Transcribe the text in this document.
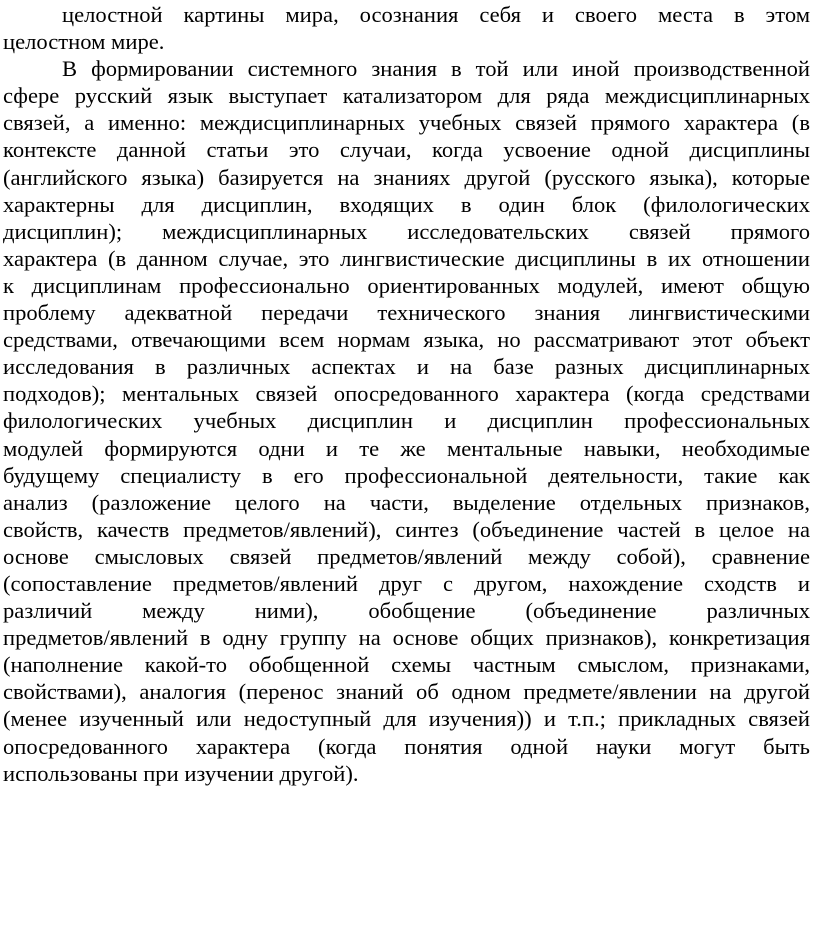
целостной картины мира, осознания себя и своего места в этом
целостном мире.
В формировании системного знания в той или иной производственной
сфере русский язык выступает катализатором для ряда междисциплинарных
связей, а именно: междисциплинарных учебных связей прямого характера (в
контексте данной статьи это случаи, когда усвоение одной дисциплины
(английского языка) базируется на знаниях другой (русского языка), которые
характерны для дисциплин, входящих в один блок (филологических
дисциплин); междисциплинарных исследовательских связей прямого
характера (в данном случае, это лингвистические дисциплины в их отношении
к дисциплинам профессионально ориентированных модулей, имеют общую
проблему адекватной передачи технического знания лингвистическими
средствами, отвечающими всем нормам языка, но рассматривают этот объект
исследования в различных аспектах и на базе разных дисциплинарных
подходов); ментальных связей опосредованного характера (когда средствами
филологических учебных дисциплин и дисциплин профессиональных
модулей формируются одни и те же ментальные навыки, необходимые
будущему специалисту в его профессиональной деятельности, такие как
анализ (разложение целого на части, выделение отдельных признаков,
свойств, качеств предметов/явлений), синтез (объединение частей в целое на
основе смысловых связей предметов/явлений между собой), сравнение
(сопоставление предметов/явлений друг с другом, нахождение сходств и
различий между ними), обобщение (объединение различных
предметов/явлений в одну группу на основе общих признаков), конкретизация
(наполнение какой-то обобщенной схемы частным смыслом, признаками,
свойствами), аналогия (перенос знаний об одном предмете/явлении на другой
(менее изученный или недоступный для изучения)) и т.п.; прикладных связей
опосредованного характера (когда понятия одной науки могут быть
использованы при изучении другой).
